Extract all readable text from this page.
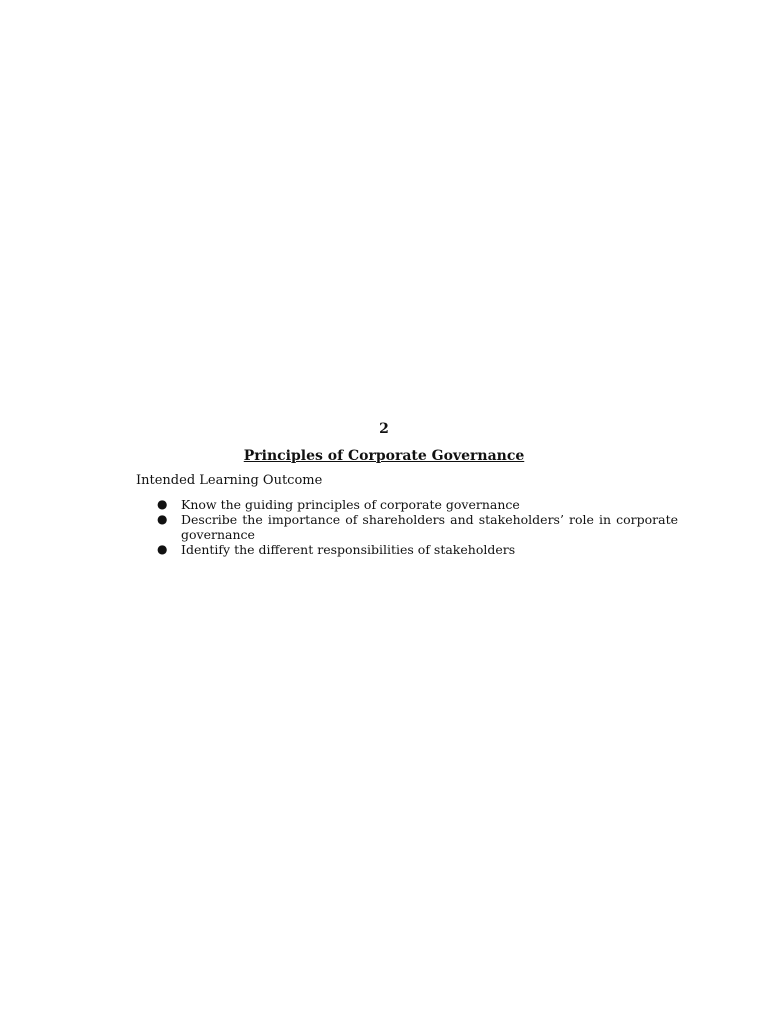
2
Principles of Corporate Governance
Intended Learning Outcome
● Know the guiding principles of corporate governance
● Describe the importance of shareholders and stakeholders’ role in corporate governance
● Identify the different responsibilities of stakeholders
